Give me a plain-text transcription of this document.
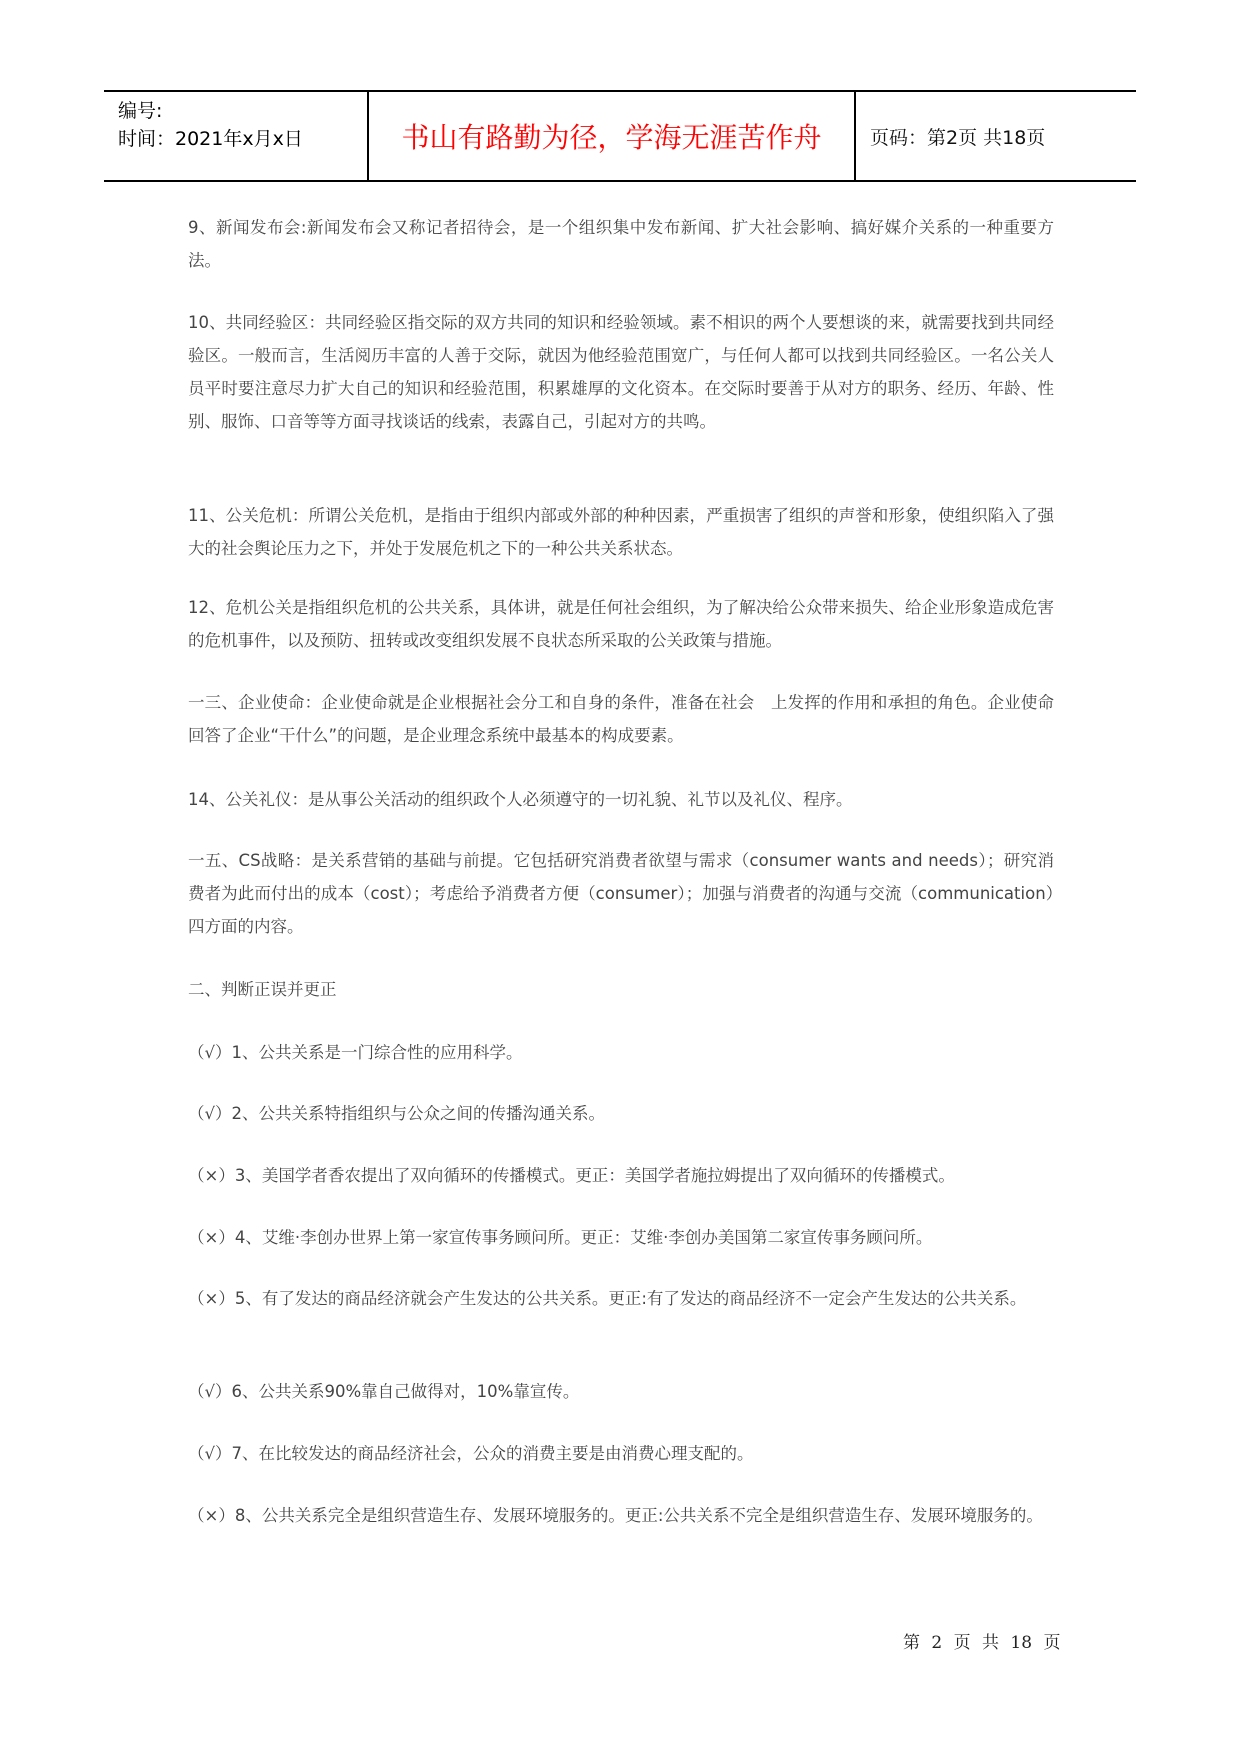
编号:
时间：2021年x月x日	书山有路勤为径，学海无涯苦作舟	页码：第2页 共18页
9、新闻发布会:新闻发布会又称记者招待会，是一个组织集中发布新闻、扩大社会影响、搞好媒介关系的一种重要方法。
10、共同经验区：共同经验区指交际的双方共同的知识和经验领域。素不相识的两个人要想谈的来，就需要找到共同经验区。一般而言，生活阅历丰富的人善于交际，就因为他经验范围宽广，与任何人都可以找到共同经验区。一名公关人员平时要注意尽力扩大自己的知识和经验范围，积累雄厚的文化资本。在交际时要善于从对方的职务、经历、年龄、性别、服饰、口音等等方面寻找谈话的线索，表露自己，引起对方的共鸣。
11、公关危机：所谓公关危机，是指由于组织内部或外部的种种因素，严重损害了组织的声誉和形象，使组织陷入了强大的社会舆论压力之下，并处于发展危机之下的一种公共关系状态。
12、危机公关是指组织危机的公共关系，具体讲，就是任何社会组织，为了解决给公众带来损失、给企业形象造成危害的危机事件，以及预防、扭转或改变组织发展不良状态所采取的公关政策与措施。
一三、企业使命：企业使命就是企业根据社会分工和自身的条件，准备在社会　上发挥的作用和承担的角色。企业使命回答了企业“干什么”的问题，是企业理念系统中最基本的构成要素。
14、公关礼仪：是从事公关活动的组织政个人必须遵守的一切礼貌、礼节以及礼仪、程序。
一五、CS战略：是关系营销的基础与前提。它包括研究消费者欲望与需求（consumer wants and needs）；研究消费者为此而付出的成本（cost）；考虑给予消费者方便（consumer）；加强与消费者的沟通与交流（communication）四方面的内容。
二、判断正误并更正
（√）1、公共关系是一门综合性的应用科学。
（√）2、公共关系特指组织与公众之间的传播沟通关系。
（×）3、美国学者香农提出了双向循环的传播模式。更正：美国学者施拉姆提出了双向循环的传播模式。
（×）4、艾维·李创办世界上第一家宣传事务顾问所。更正：艾维·李创办美国第二家宣传事务顾问所。
（×）5、有了发达的商品经济就会产生发达的公共关系。更正:有了发达的商品经济不一定会产生发达的公共关系。
（√）6、公共关系90%靠自己做得对，10%靠宣传。
（√）7、在比较发达的商品经济社会，公众的消费主要是由消费心理支配的。
（×）8、公共关系完全是组织营造生存、发展环境服务的。更正:公共关系不完全是组织营造生存、发展环境服务的。
第 2 页 共 18 页
